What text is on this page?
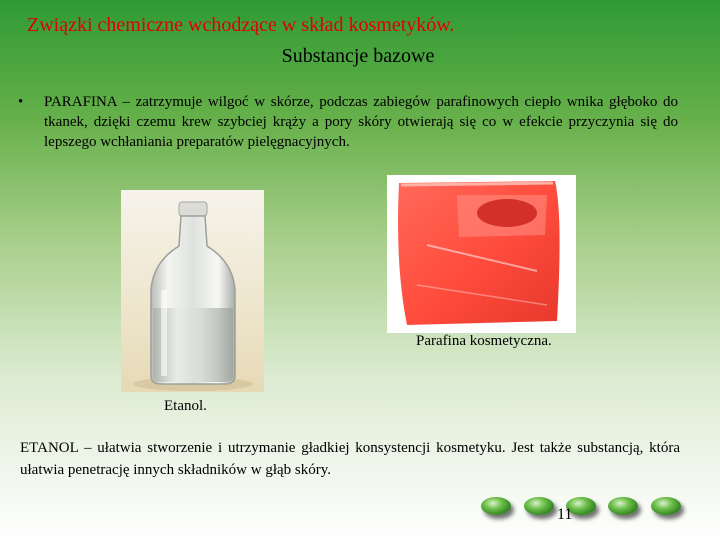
Związki chemiczne wchodzące w skład kosmetyków.
Substancje bazowe
•	PARAFINA – zatrzymuje wilgoć w skórze, podczas zabiegów parafinowych ciepło wnika głęboko do tkanek, dzięki czemu krew szybciej krąży a pory skóry otwierają się co w efekcie przyczynia się do lepszego wchłaniania preparatów pielęgnacyjnych.

Parafina kosmetyczna.

Etanol.

ETANOL – ułatwia stworzenie i utrzymanie gładkiej konsystencji kosmetyku. Jest także substancją, która ułatwia penetrację innych składników w głąb skóry.

11
